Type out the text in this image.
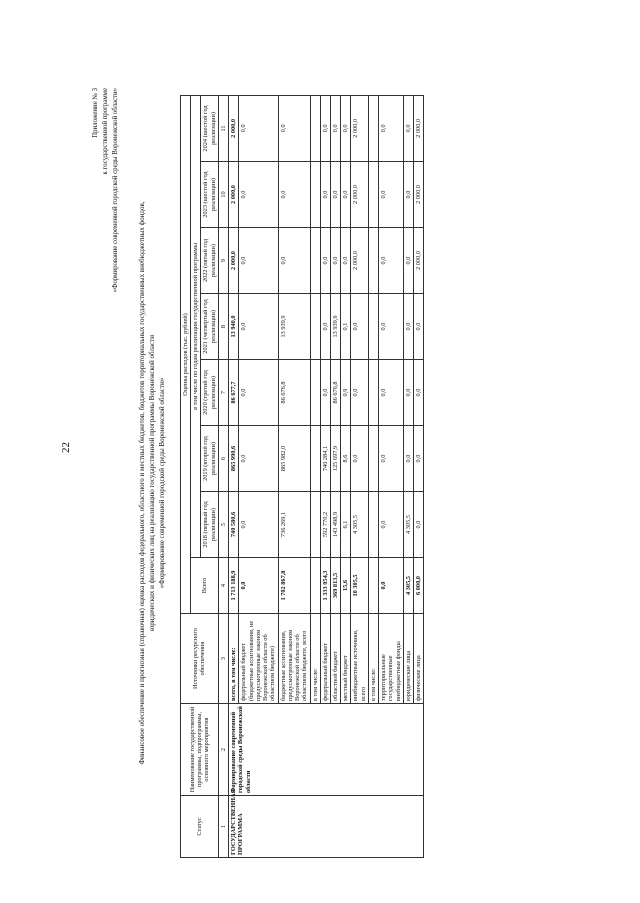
22
Приложение № 3 к государственной программе «Формирование современной городской среды Воронежской области»
Финансовое обеспечение и прогнозная (справочная) оценка расходов федерального, областного и местных бюджетов, бюджетов территориальных государственных внебюджетных фондов, юридических и физических лиц на реализацию государственной программы Воронежской области «Формирование современной городской среды Воронежской области»
Статус	Наименование государственной программы, подпрограммы, основного мероприятия	Источники ресурсного обеспечения	Оценка расходов (тыс. рублей)							
			Всего	в том числе по годам реализации государственной программы						
				2018 (первый год реализации)	2019 (второй год реализации)	2020 (третий год реализации)	2021 (четвертый год реализации)	2022 (пятый год реализации)	2023 (шестой год реализации)	2024 (шестой год реализации)
1	2	3	4	5	6	7	8	9	10	11
ГОСУДАРСТВЕННАЯ ПРОГРАММА	Формирование современной городской среды Воронежской области	всего, в том числе:	1 713 188,9	740 580,6	865 990,6	86 677,7	13 940,0	2 000,0	2 000,0	2 000,0
		федеральный бюджет (бюджетные ассигнования, не предусмотренные законом Воронежской области об областном бюджете)	0,0	0,0	0,0	0,0	0,0	0,0	0,0	0,0
		бюджетные ассигнования, предусмотренные законом Воронежской области об областном бюджете, всего	1 702 867,8	736 269,1	865 982,0	86 676,8	13 939,9	0,0	0,0	0,0
		в том числе:								
		федеральный бюджет	1 333 054,3	592 770,2	740 284,1	0,0	0,0	0,0	0,0	0,0
		областной бюджет	369 813,5	143 498,9	125 697,9	86 676,8	13 939,9	0,0	0,0	0,0
		местный бюджет	15,6	6,1	8,6	0,9	0,1	0,0	0,0	0,0
		внебюджетные источники, всего	10 305,5	4 305,5	0,0	0,0	0,0	2 000,0	2 000,0	2 000,0
		в том числе:								
		территориальные государственные внебюджетные фонды	0,0	0,0	0,0	0,0	0,0	0,0	0,0	0,0
		юридические лица	4 305,5	4 305,5	0,0	0,0	0,0	0,0	0,0	0,0
		физические лица	6 000,0	0,0	0,0	0,0	0,0	2 000,0	2 000,0	2 000,0
